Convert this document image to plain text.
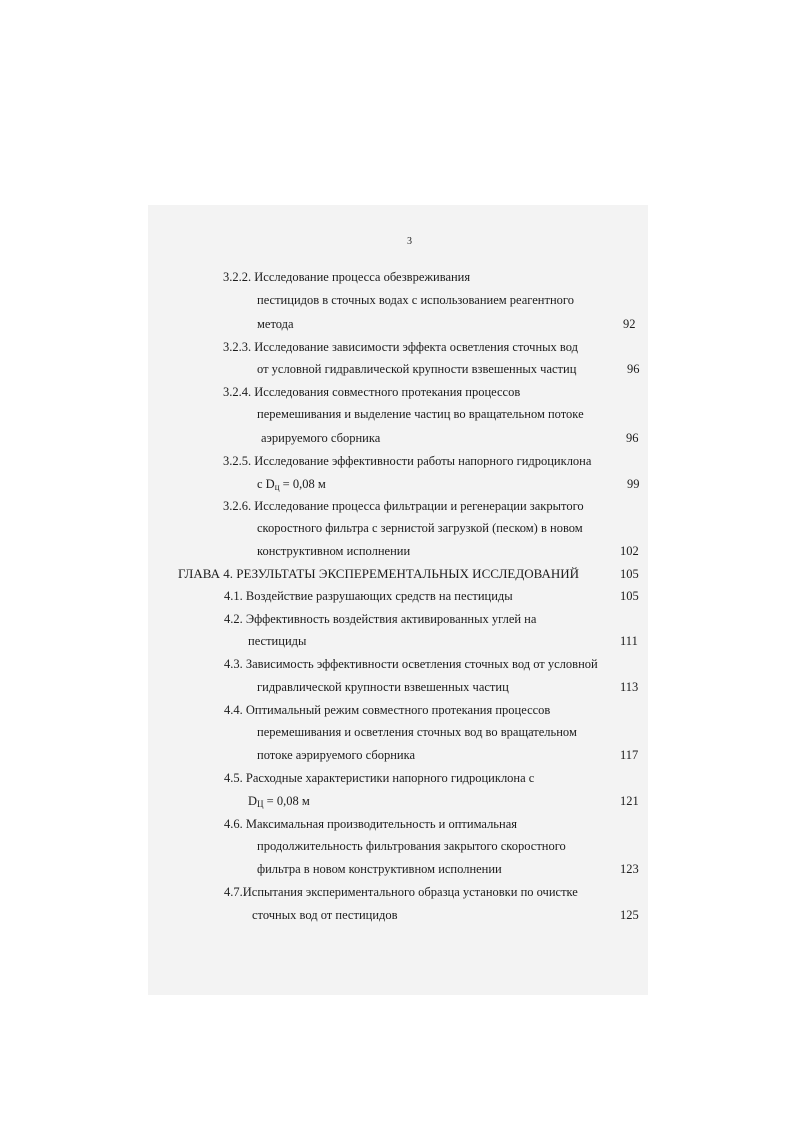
3
3.2.2. Исследование процесса обезвреживания
пестицидов в сточных водах с использованием реагентного
метода	92
3.2.3. Исследование зависимости эффекта осветления сточных вод
от условной гидравлической крупности взвешенных частиц	96
3.2.4. Исследования совместного протекания процессов
перемешивания и выделение частиц во вращательном потоке
аэрируемого сборника	96
3.2.5. Исследование эффективности работы напорного гидроциклона
с $D_ц = 0,08$ м	99
3.2.6. Исследование процесса фильтрации и регенерации закрытого
скоростного фильтра с зернистой загрузкой (песком) в новом
конструктивном исполнении	102
ГЛАВА 4. РЕЗУЛЬТАТЫ ЭКСПЕРЕМЕНТАЛЬНЫХ ИССЛЕДОВАНИЙ	105
4.1. Воздействие разрушающих средств на пестициды	105
4.2. Эффективность воздействия активированных углей на
пестициды	111
4.3. Зависимость эффективности осветления сточных вод от условной
гидравлической крупности взвешенных частиц	113
4.4. Оптимальный режим совместного протекания процессов
перемешивания и осветления сточных вод во вращательном
потоке аэрируемого сборника	117
4.5. Расходные характеристики напорного гидроциклона с
$D_Ц = 0,08$ м	121
4.6. Максимальная производительность и оптимальная
продолжительность фильтрования закрытого скоростного
фильтра в новом конструктивном исполнении	123
4.7.Испытания экспериментального образца установки по очистке
сточных вод от пестицидов	125
